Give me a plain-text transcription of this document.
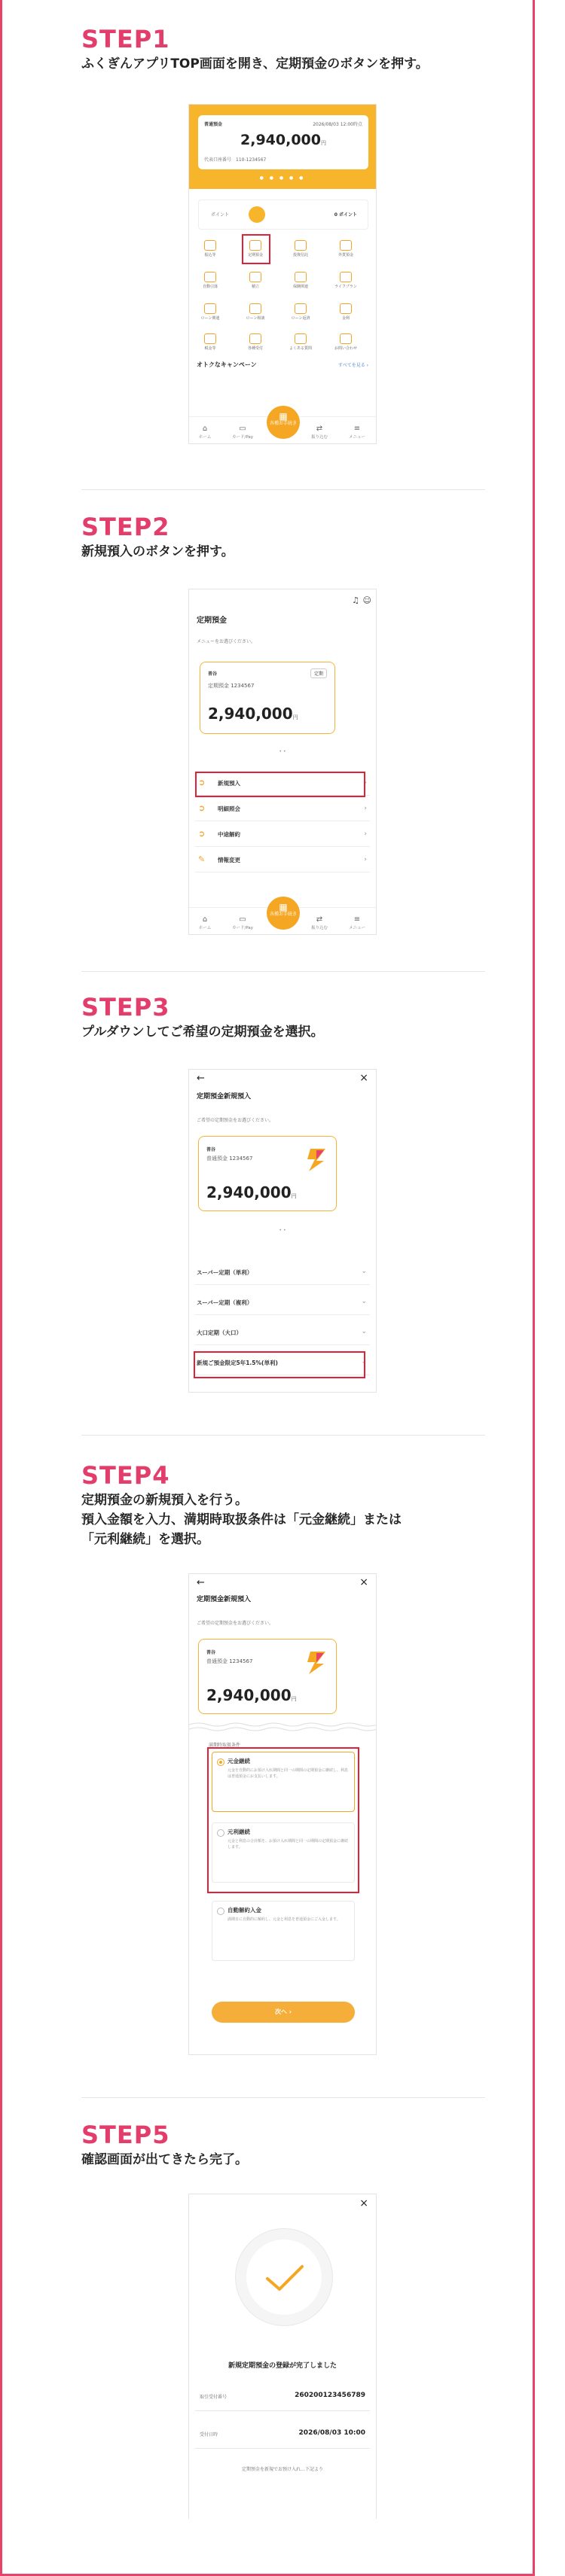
STEP1
ふくぎんアプリTOP画面を開き、定期預金のボタンを押す。
普通預金	2026/08/03 12:00時点
2,940,000円
代表口座番号　 110-1234567
● ● ● ● ●
ポイント	0 ポイント
振込等	定期預金	投資信託	外貨預金
自動引落	積立	保険関連	ライフプラン
ローン関連	ローン相談	ローン返済	金利
税金等	各種受付	よくある質問	お問い合わせ
オトクなキャンペーン	すべてを見る ›
⌂
ホーム
▭
カード/Pay
⇄
振り込む
≡
メニュー
▦
各種お手続き
STEP2
新規預入のボタンを押す。
♫ ☺
定期預金
メニューをお選びください。
普谷	定期
定期預金 1234567
2,940,000円
• •
➲ 新規預入	›
➲ 明細照会	›
➲ 中途解約	›
✎ 情報変更	›
⌂
ホーム
▭
カード/Pay
⇄
振り込む
≡
メニュー
▦
各種お手続き
STEP3
プルダウンしてご希望の定期預金を選択。
←	×
定期預金新規預入
ご希望の定期預金をお選びください。
普谷
普通預金 1234567
2,940,000円
• •
スーパー定期（単利）	⌄
スーパー定期（複利）	⌄
大口定期（大口）	⌄
新規ご預金限定5年1.5%(単利)	⌄
STEP4
定期預金の新規預入を行う。
預入金額を入力、満期時取扱条件は「元金継続」または
「元利継続」を選択。
←	×
定期預金新規預入
ご希望の定期預金をお選びください。
普谷
普通預金 1234567
2,940,000円
満期時取扱条件
元金継続
元金を自動的にお預け入れ期間と同一の期間の定期預金に継続し、利息は普通預金にお支払いします。
元利継続
元金と利息の合計額を、お預け入れ期間と同一の期間の定期預金に継続します。
自動解約入金
満期日に自動的に解約し、元金と利息を普通預金にご入金します。
次へ ›
STEP5
確認画面が出てきたら完了。
×
新規定期預金の登録が完了しました
取引受付番号	260200123456789
受付日時	2026/08/03 10:00
定期預金を新規でお預け入れ…下記より
